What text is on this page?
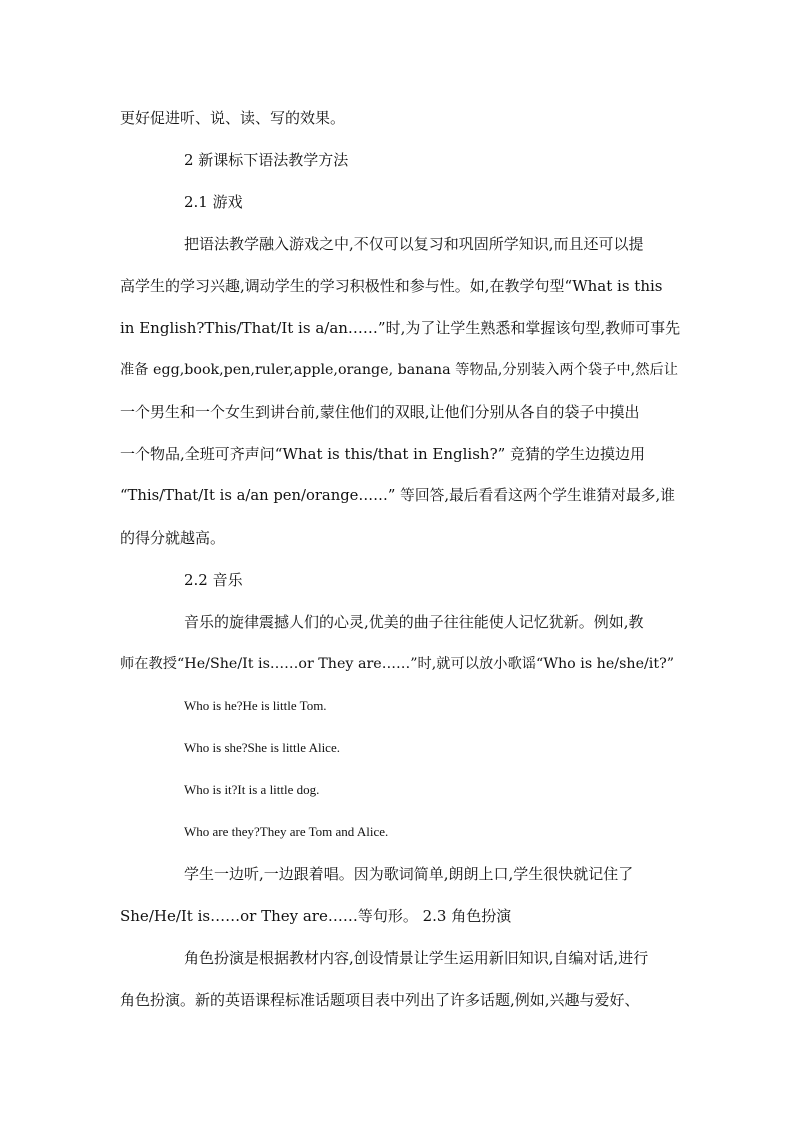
更好促进听、说、读、写的效果。
2 新课标下语法教学方法
2.1 游戏
把语法教学融入游戏之中,不仅可以复习和巩固所学知识,而且还可以提
高学生的学习兴趣,调动学生的学习积极性和参与性。如,在教学句型“What is this
in English?This/That/It is a/an……”时,为了让学生熟悉和掌握该句型,教师可事先
准备 egg,book,pen,ruler,apple,orange, banana 等物品,分别装入两个袋子中,然后让
一个男生和一个女生到讲台前,蒙住他们的双眼,让他们分别从各自的袋子中摸出
一个物品,全班可齐声问“What is this/that in English?” 竞猜的学生边摸边用
“This/That/It is a/an pen/orange……” 等回答,最后看看这两个学生谁猜对最多,谁
的得分就越高。
2.2 音乐
音乐的旋律震撼人们的心灵,优美的曲子往往能使人记忆犹新。例如,教
师在教授“He/She/It is……or They are……”时,就可以放小歌谣“Who is he/she/it?”
Who is he?He is little Tom.
Who is she?She is little Alice.
Who is it?It is a little dog.
Who are they?They are Tom and Alice.
学生一边听,一边跟着唱。因为歌词简单,朗朗上口,学生很快就记住了
She/He/It is……or They are……等句形。 2.3 角色扮演
角色扮演是根据教材内容,创设情景让学生运用新旧知识,自编对话,进行
角色扮演。新的英语课程标准话题项目表中列出了许多话题,例如,兴趣与爱好、
